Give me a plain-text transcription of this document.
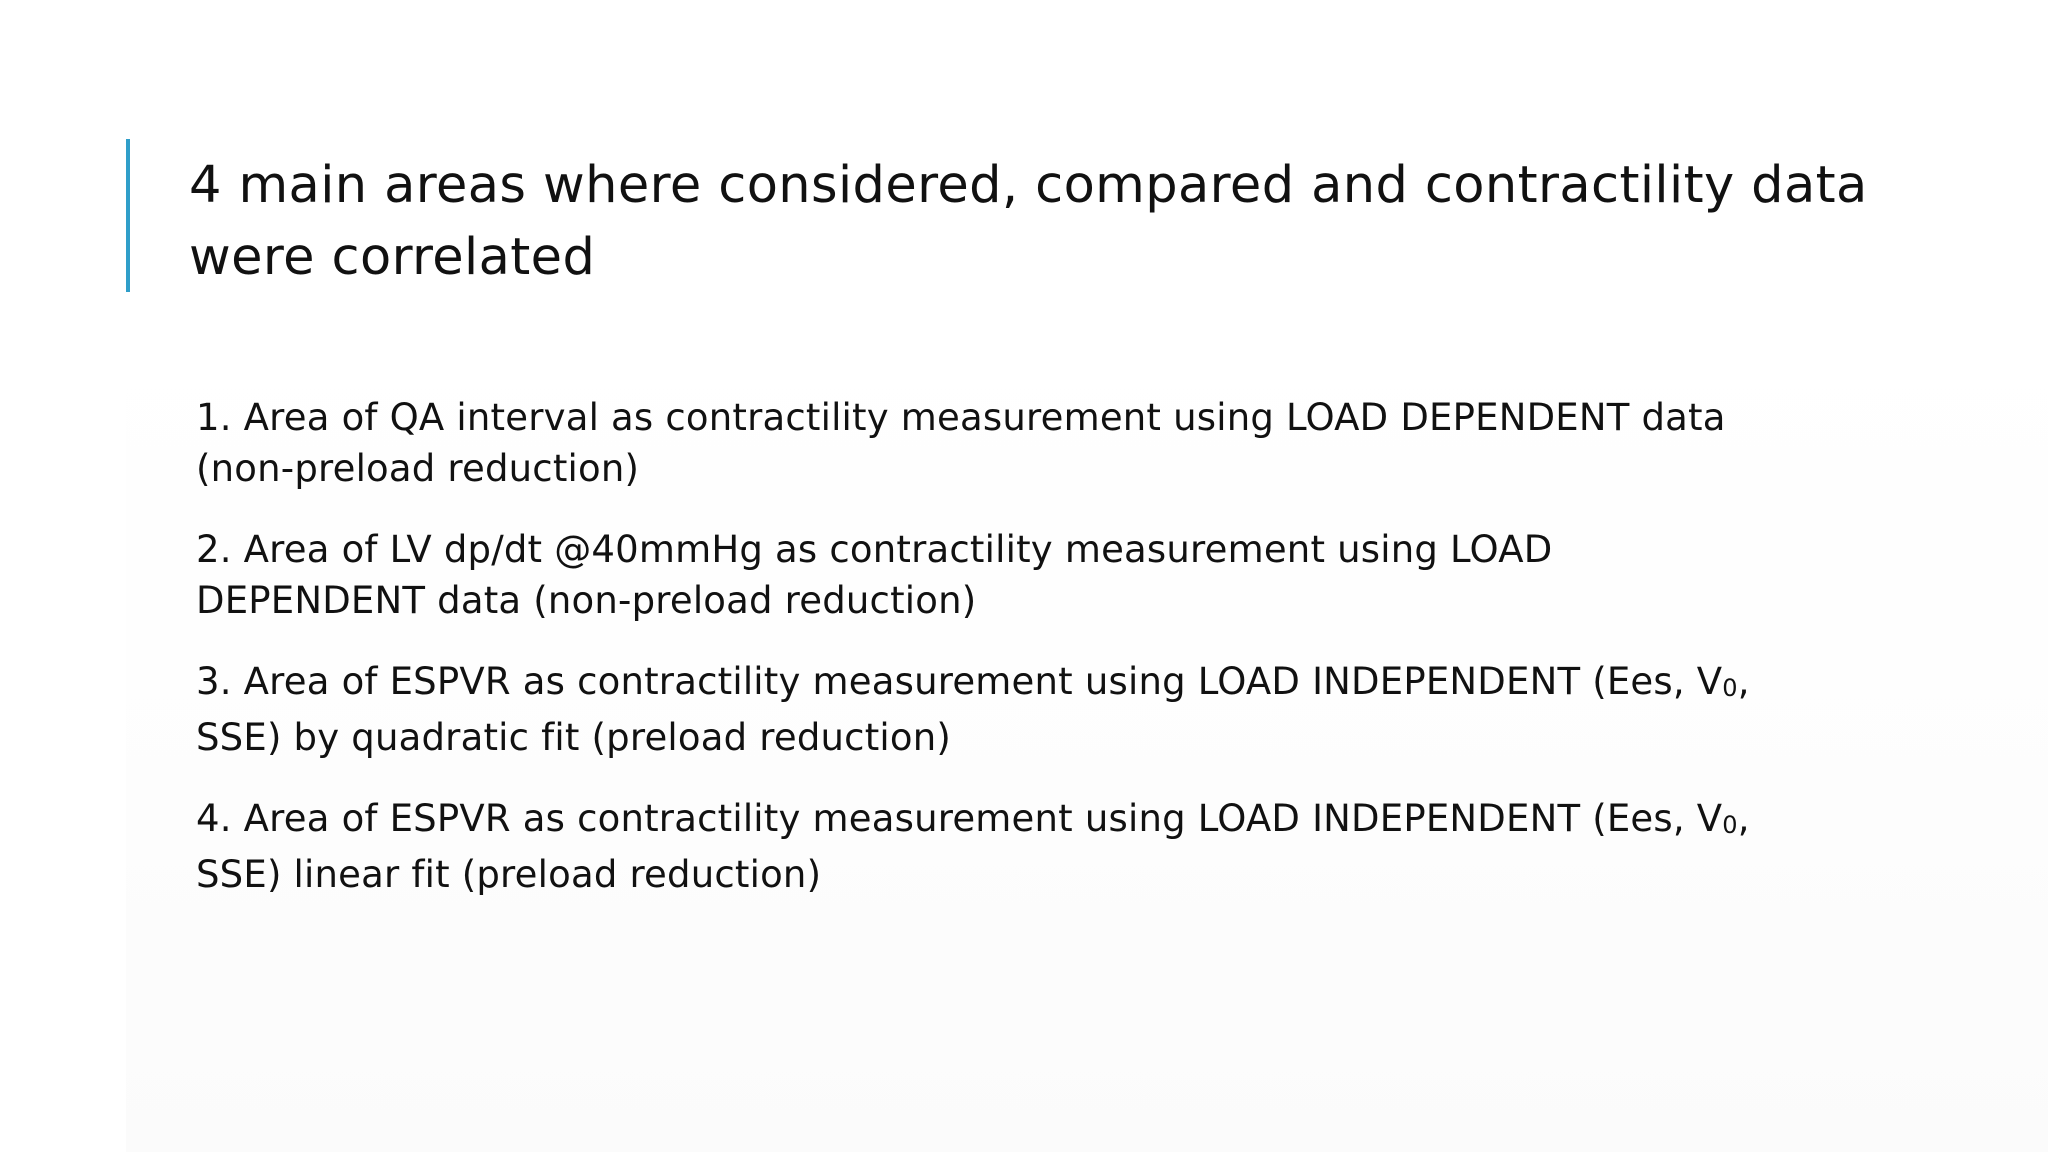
4 main areas where considered, compared and contractility data were correlated
1. Area of QA interval as contractility measurement using LOAD DEPENDENT data (non-preload reduction)
2. Area of LV dp/dt @40mmHg as contractility measurement using LOAD DEPENDENT data (non-preload reduction)
3. Area of ESPVR as contractility measurement using LOAD INDEPENDENT (Ees, $V_0$, SSE) by quadratic fit (preload reduction)
4. Area of ESPVR as contractility measurement using LOAD INDEPENDENT (Ees, $V_0$, SSE) linear fit (preload reduction)
